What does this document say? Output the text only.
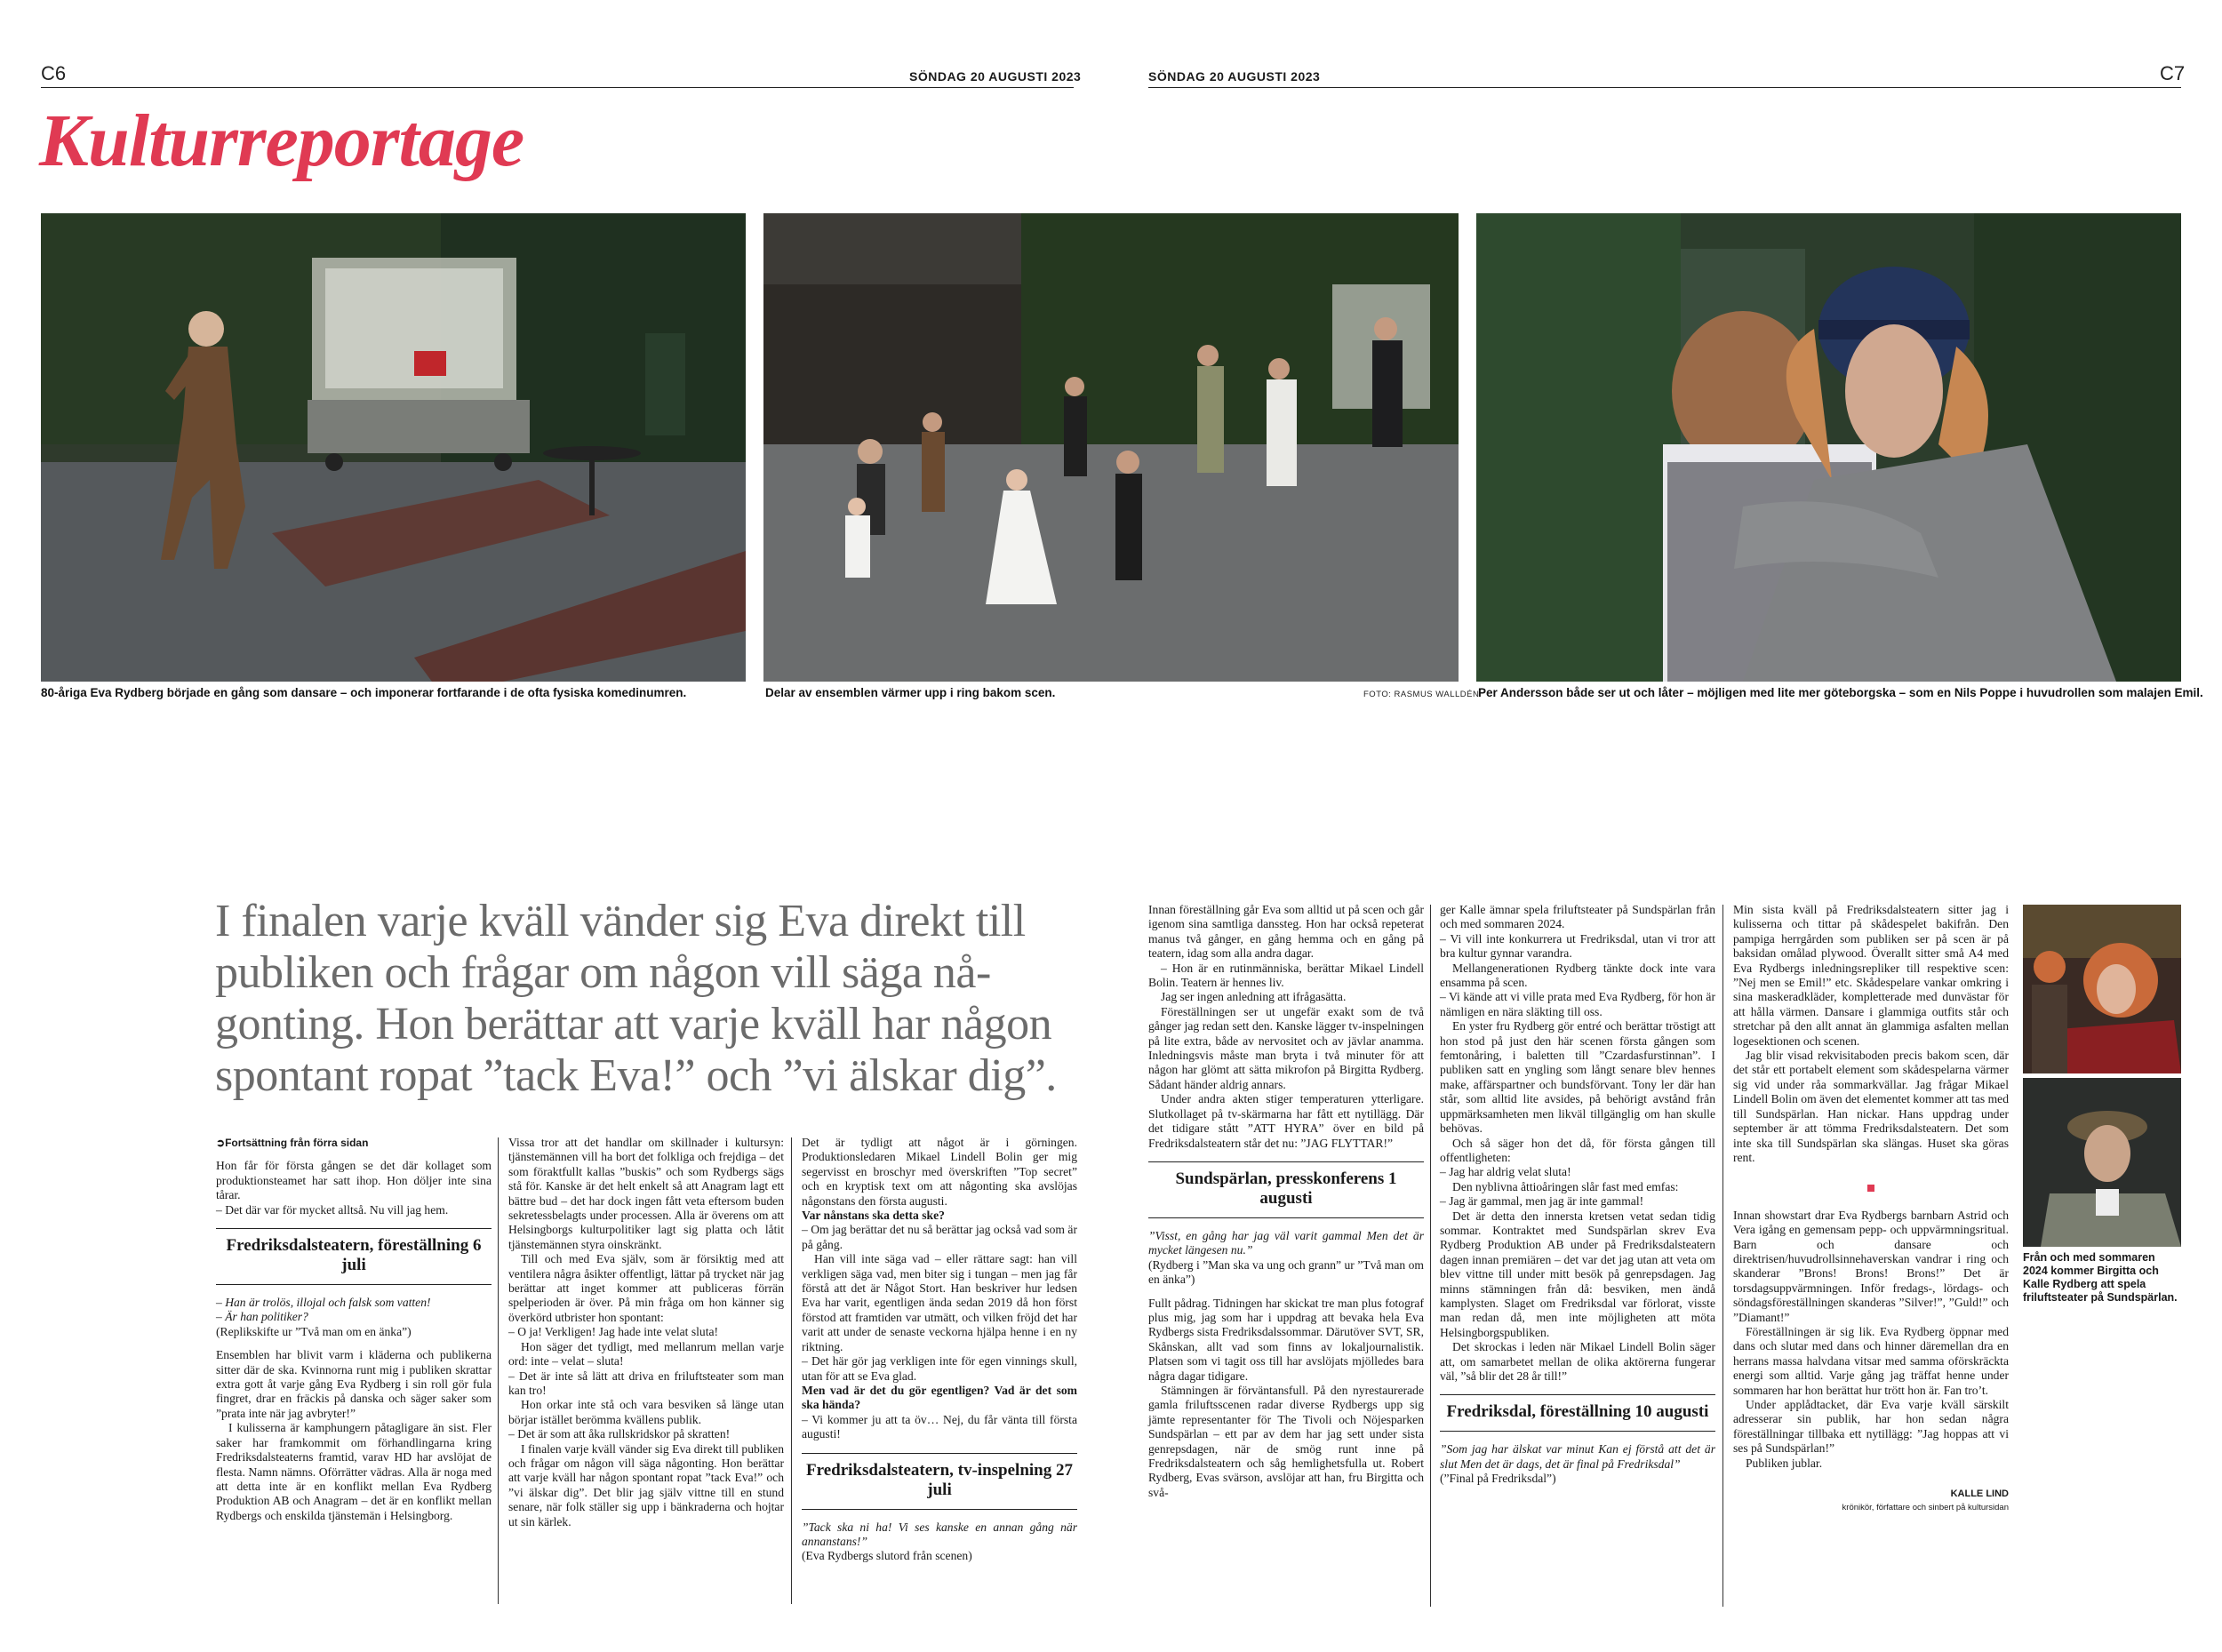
C6	SÖNDAG 20 AUGUSTI 2023	SÖNDAG 20 AUGUSTI 2023	C7
Kulturreportage
80-åriga Eva Rydberg började en gång som dansare – och imponerar fortfarande i de ofta fysiska komedinumren.	Delar av ensemblen värmer upp i ring bakom scen.	FOTO: RASMUS WALLDÉN
Per Andersson både ser ut och låter – möjligen med lite mer göteborgska – som en Nils Poppe i huvudrollen som malajen Emil.
I finalen varje kväll vänder sig Eva direkt till publiken och frågar om någon vill säga nå-gonting. Hon berättar att varje kväll har någon spontant ropat ”tack Eva!” och ”vi älskar dig”.
➲Fortsättning från förra sidan

Hon får för första gången se det där kollaget som produktionsteamet har satt ihop. Hon döljer inte sina tårar.

– Det där var för mycket alltså. Nu vill jag hem.

Fredriksdalsteatern, föreställning 6 juli

– Han är trolös, illojal och falsk som vatten!

– Är han politiker?

(Replikskifte ur ”Två man om en änka”)

Ensemblen har blivit varm i kläderna och publikerna sitter där de ska. Kvinnorna runt mig i publiken skrattar extra gott åt varje gång Eva Rydberg i sin roll gör fula fingret, drar en fräckis på danska och säger saker som ”prata inte när jag avbryter!”

I kulisserna är kamphungern påtagligare än sist. Fler saker har framkommit om förhandlingarna kring Fredriksdalsteaterns framtid, varav HD har avslöjat de flesta. Namn nämns. Oförrätter vädras. Alla är noga med att detta inte är en konflikt mellan Eva Rydberg Produktion AB och Anagram – det är en konflikt mellan Rydbergs och enskilda tjänstemän i Helsingborg.

Vissa tror att det handlar om skillnader i kultursyn: tjänstemännen vill ha bort det folkliga och frejdiga – det som föraktfullt kallas ”buskis” och som Rydbergs sägs stå för. Kanske är det helt enkelt så att Anagram lagt ett bättre bud – det har dock ingen fått veta eftersom buden sekretessbelagts under processen. Alla är överens om att Helsingborgs kulturpolitiker lagt sig platta och låtit tjänstemännen styra oinskränkt.

Till och med Eva själv, som är försiktig med att ventilera några åsikter offentligt, lättar på trycket när jag berättar att inget kommer att publiceras förrän spelperioden är över. På min fråga om hon känner sig överkörd utbrister hon spontant:

– O ja! Verkligen! Jag hade inte velat sluta!

Hon säger det tydligt, med mellanrum mellan varje ord: inte – velat – sluta!

– Det är inte så lätt att driva en friluftsteater som man kan tro!

Hon orkar inte stå och vara besviken så länge utan börjar istället berömma kvällens publik.

– Det är som att åka rullskridskor på skratten!

I finalen varje kväll vänder sig Eva direkt till publiken och frågar om någon vill säga någonting. Hon berättar att varje kväll har någon spontant ropat ”tack Eva!” och ”vi älskar dig”. Det blir jag själv vittne till en stund senare, när folk ställer sig upp i bänkraderna och hojtar ut sin kärlek.

Det är tydligt att något är i görningen. Produktionsledaren Mikael Lindell Bolin ger mig segervisst en broschyr med överskriften ”Top secret” och en kryptisk text om att någonting ska avslöjas någonstans den första augusti.

Var nånstans ska detta ske?

– Om jag berättar det nu så berättar jag också vad som är på gång.

Han vill inte säga vad – eller rättare sagt: han vill verkligen säga vad, men biter sig i tungan – men jag får förstå att det är Något Stort. Han beskriver hur ledsen Eva har varit, egentligen ända sedan 2019 då hon först förstod att framtiden var utmätt, och vilken fröjd det har varit att under de senaste veckorna hjälpa henne i en ny riktning.

– Det här gör jag verkligen inte för egen vinnings skull, utan för att se Eva glad.

Men vad är det du gör egentligen? Vad är det som ska hända?

– Vi kommer ju att ta öv… Nej, du får vänta till första augusti!

Fredriksdalsteatern, tv-inspelning 27 juli

”Tack ska ni ha! Vi ses kanske en annan gång när annanstans!”

(Eva Rydbergs slutord från scenen)

Innan föreställning går Eva som alltid ut på scen och går igenom sina samtliga danssteg. Hon har också repeterat manus två gånger, en gång hemma och en gång på teatern, idag som alla andra dagar.

– Hon är en rutinmänniska, berättar Mikael Lindell Bolin. Teatern är hennes liv.

Jag ser ingen anledning att ifrågasätta.

Föreställningen ser ut ungefär exakt som de två gånger jag redan sett den. Kanske lägger tv-inspelningen på lite extra, både av nervositet och av jävlar anamma. Inledningsvis måste man bryta i två minuter för att någon har glömt att sätta mikrofon på Birgitta Rydberg. Sådant händer aldrig annars.

Under andra akten stiger temperaturen ytterligare. Slutkollaget på tv-skärmarna har fått ett nytillägg. Där det tidigare stått ”ATT HYRA” över en bild på Fredriksdalsteatern står det nu: ”JAG FLYTTAR!”

Sundspärlan, presskonferens 1 augusti

”Visst, en gång har jag väl varit gammal Men det är mycket längesen nu.”

(Rydberg i ”Man ska va ung och grann” ur ”Två man om en änka”)

Fullt pådrag. Tidningen har skickat tre man plus fotograf plus mig, jag som har i uppdrag att bevaka hela Eva Rydbergs sista Fredriksdalssommar. Därutöver SVT, SR, Skånskan, allt vad som finns av lokaljournalistik. Platsen som vi tagit oss till har avslöjats mjölledes bara några dagar tidigare.

Stämningen är förväntansfull. På den nyrestaurerade gamla friluftsscenen radar diverse Rydbergs upp sig jämte representanter för The Tivoli och Nöjesparken Sundspärlan – ett par av dem har jag sett under sista genrepsdagen, när de smög runt inne på Fredriksdalsteatern och såg hemlighetsfulla ut. Robert Rydberg, Evas svärson, avslöjar att han, fru Birgitta och svå-

ger Kalle ämnar spela friluftsteater på Sundspärlan från och med sommaren 2024.

– Vi vill inte konkurrera ut Fredriksdal, utan vi tror att bra kultur gynnar varandra.

Mellangenerationen Rydberg tänkte dock inte vara ensamma på scen.

– Vi kände att vi ville prata med Eva Rydberg, för hon är nämligen en nära släkting till oss.

En yster fru Rydberg gör entré och berättar tröstigt att hon stod på just den här scenen första gången som femtonåring, i baletten till ”Czardasfurstinnan”. I publiken satt en yngling som långt senare blev hennes make, affärspartner och bundsförvant. Tony ler där han står, som alltid lite avsides, på behörigt avstånd från uppmärksamheten men likväl tillgänglig om han skulle behövas.

Och så säger hon det då, för första gången till offentligheten:

– Jag har aldrig velat sluta!

Den nyblivna åttioåringen slår fast med emfas:

– Jag är gammal, men jag är inte gammal!

Det är detta den innersta kretsen vetat sedan tidig sommar. Kontraktet med Sundspärlan skrev Eva Rydberg Produktion AB under på Fredriksdalsteatern dagen innan premiären – det var det jag utan att veta om blev vittne till under mitt besök på genrepsdagen. Jag minns stämningen från då: besviken, men ändå kamplysten. Slaget om Fredriksdal var förlorat, visste man redan då, men inte möjligheten att möta Helsingborgspubliken.

Det skrockas i leden när Mikael Lindell Bolin säger att, om samarbetet mellan de olika aktörerna fungerar väl, ”så blir det 28 år till!”

Fredriksdal, föreställning 10 augusti

”Som jag har älskat var minut Kan ej förstå att det är slut Men det är dags, det är final på Fredriksdal”

(”Final på Fredriksdal”)

Min sista kväll på Fredriksdalsteatern sitter jag i kulisserna och tittar på skådespelet bakifrån. Den pampiga herrgården som publiken ser på scen är på baksidan omålad plywood. Överallt sitter små A4 med Eva Rydbergs inledningsrepliker till respektive scen: ”Nej men se Emil!” etc. Skådespelare vankar omkring i sina maskeradkläder, kompletterade med dunvästar för att hålla värmen. Dansare i glammiga outfits står och stretchar på den allt annat än glammiga asfalten mellan logesektionen och scenen.

Jag blir visad rekvisitaboden precis bakom scen, där det står ett portabelt element som skådespelarna värmer sig vid under råa sommarkvällar. Jag frågar Mikael Lindell Bolin om även det elementet kommer att tas med till Sundspärlan. Han nickar. Hans uppdrag under september är att tömma Fredriksdalsteatern. Det som inte ska till Sundspärlan ska slängas. Huset ska göras rent.

Innan showstart drar Eva Rydbergs barnbarn Astrid och Vera igång en gemensam pepp- och uppvärmningsritual. Barn och dansare och direktrisen/huvudrollsinnehaverskan vandrar i ring och skanderar ”Brons! Brons! Brons!” Det är torsdagsuppvärmningen. Inför fredags-, lördags- och söndagsföreställningen skanderas ”Silver!”, ”Guld!” och ”Diamant!”

Föreställningen är sig lik. Eva Rydberg öppnar med dans och slutar med dans och hinner däremellan dra en herrans massa halvdana vitsar med samma oförskräckta energi som alltid. Varje gång jag träffat henne under sommaren har hon berättat hur trött hon är. Fan tro’t.

Under applådtacket, där Eva varje kväll särskilt adresserar sin publik, har hon sedan några föreställningar tillbaka ett nytillägg: ”Jag hoppas att vi ses på Sundspärlan!”

Publiken jublar.

KALLE LIND
krönikör, författare och sinbert på kultursidan
Från och med sommaren 2024 kommer Birgitta och Kalle Rydberg att spela friluftsteater på Sundspärlan.
